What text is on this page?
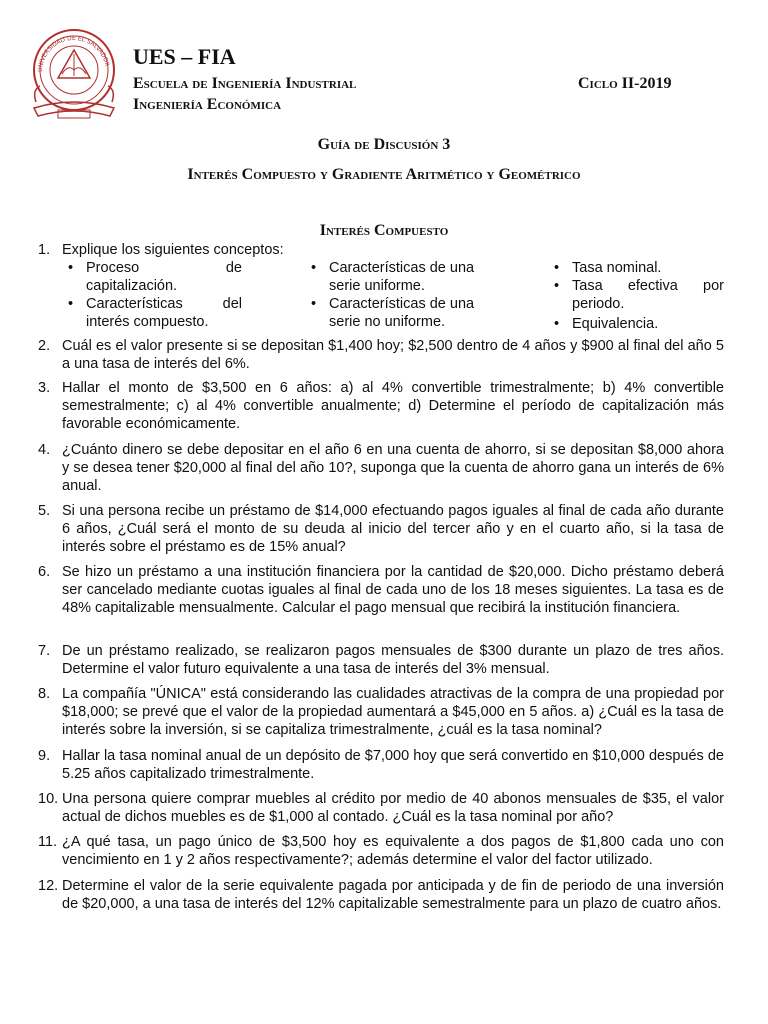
UNIVERSIDAD DE EL SALVADOR UES – FIA
Escuela de Ingeniería Industrial
Ingeniería Económica
Ciclo II-2019
Guía de Discusión 3
Interés Compuesto y Gradiente Aritmético y Geométrico
Interés Compuesto
1. Explique los siguientes conceptos:
• Proceso	de
capitalización.
• Características	del
interés compuesto.
• Características de una serie uniforme.
• Características de una serie no uniforme.
• Tasa nominal.
• Tasa efectiva por
periodo.
• Equivalencia.
2. Cuál es el valor presente si se depositan $1,400 hoy; $2,500 dentro de 4 años y $900 al final del año 5 a una tasa de interés del 6%.
3. Hallar el monto de $3,500 en 6 años: a) al 4% convertible trimestralmente; b) 4% convertible semestralmente; c) al 4% convertible anualmente; d) Determine el período de capitalización más favorable económicamente.
4. ¿Cuánto dinero se debe depositar en el año 6 en una cuenta de ahorro, si se depositan $8,000 ahora y se desea tener $20,000 al final del año 10?, suponga que la cuenta de ahorro gana un interés de 6% anual.
5. Si una persona recibe un préstamo de $14,000 efectuando pagos iguales al final de cada año durante 6 años, ¿Cuál será el monto de su deuda al inicio del tercer año y en el cuarto año, si la tasa de interés sobre el préstamo es de 15% anual?
6. Se hizo un préstamo a una institución financiera por la cantidad de $20,000. Dicho préstamo deberá ser cancelado mediante cuotas iguales al final de cada uno de los 18 meses siguientes. La tasa es de 48% capitalizable mensualmente. Calcular el pago mensual que recibirá la institución financiera.
7. De un préstamo realizado, se realizaron pagos mensuales de $300 durante un plazo de tres años. Determine el valor futuro equivalente a una tasa de interés del 3% mensual.
8. La compañía "ÚNICA" está considerando las cualidades atractivas de la compra de una propiedad por $18,000; se prevé que el valor de la propiedad aumentará a $45,000 en 5 años. a) ¿Cuál es la tasa de interés sobre la inversión, si se capitaliza trimestralmente, ¿cuál es la tasa nominal?
9. Hallar la tasa nominal anual de un depósito de $7,000 hoy que será convertido en $10,000 después de 5.25 años capitalizado trimestralmente.
10. Una persona quiere comprar muebles al crédito por medio de 40 abonos mensuales de $35, el valor actual de dichos muebles es de $1,000 al contado. ¿Cuál es la tasa nominal por año?
11. ¿A qué tasa, un pago único de $3,500 hoy es equivalente a dos pagos de $1,800 cada uno con vencimiento en 1 y 2 años respectivamente?; además determine el valor del factor utilizado.
12. Determine el valor de la serie equivalente pagada por anticipada y de fin de periodo de una inversión de $20,000, a una tasa de interés del 12% capitalizable semestralmente para un plazo de cuatro años.
